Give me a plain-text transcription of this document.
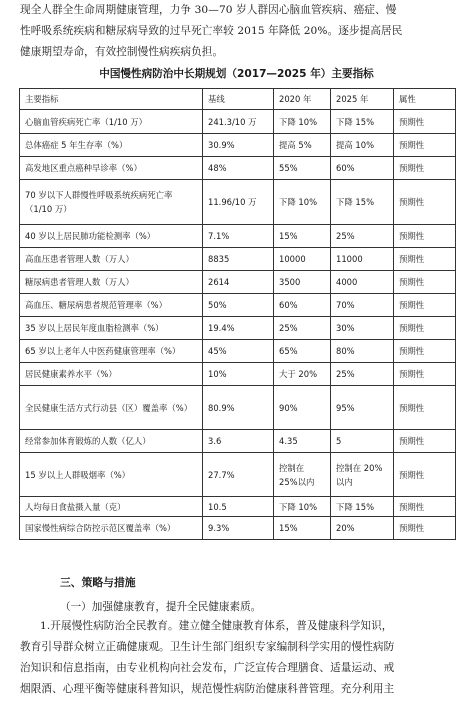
现全人群全生命周期健康管理，力争 30—70 岁人群因心脑血管疾病、癌症、慢
性呼吸系统疾病和糖尿病导致的过早死亡率较 2015 年降低 20%。逐步提高居民
健康期望寿命，有效控制慢性病疾病负担。
中国慢性病防治中长期规划（2017—2025 年）主要指标
主要指标	基线	2020 年	2025 年	属性
心脑血管疾病死亡率（1/10 万）	241.3/10 万	下降 10%	下降 15%	预期性
总体癌症 5 年生存率（%）	30.9%	提高 5%	提高 10%	预期性
高发地区重点癌种早诊率（%）	48%	55%	60%	预期性
70 岁以下人群慢性呼吸系统疾病死亡率（1/10 万）	11.96/10 万	下降 10%	下降 15%	预期性
40 岁以上居民肺功能检测率（%）	7.1%	15%	25%	预期性
高血压患者管理人数（万人）	8835	10000	11000	预期性
糖尿病患者管理人数（万人）	2614	3500	4000	预期性
高血压、糖尿病患者规范管理率（%）	50%	60%	70%	预期性
35 岁以上居民年度血脂检测率（%）	19.4%	25%	30%	预期性
65 岁以上老年人中医药健康管理率（%）	45%	65%	80%	预期性
居民健康素养水平（%）	10%	大于 20%	25%	预期性
全民健康生活方式行动县（区）覆盖率（%）	80.9%	90%	95%	预期性
经常参加体育锻炼的人数（亿人）	3.6	4.35	5	预期性
15 岁以上人群吸烟率（%）	27.7%	控制在 25%以内	控制在 20%以内	预期性
人均每日食盐摄入量（克）	10.5	下降 10%	下降 15%	预期性
国家慢性病综合防控示范区覆盖率（%）	9.3%	15%	20%	预期性
三、策略与措施
（一）加强健康教育，提升全民健康素质。
1.开展慢性病防治全民教育。建立健全健康教育体系，普及健康科学知识，
教育引导群众树立正确健康观。卫生计生部门组织专家编制科学实用的慢性病防
治知识和信息指南，由专业机构向社会发布，广泛宣传合理膳食、适量运动、戒
烟限酒、心理平衡等健康科普知识，规范慢性病防治健康科普管理。充分利用主
